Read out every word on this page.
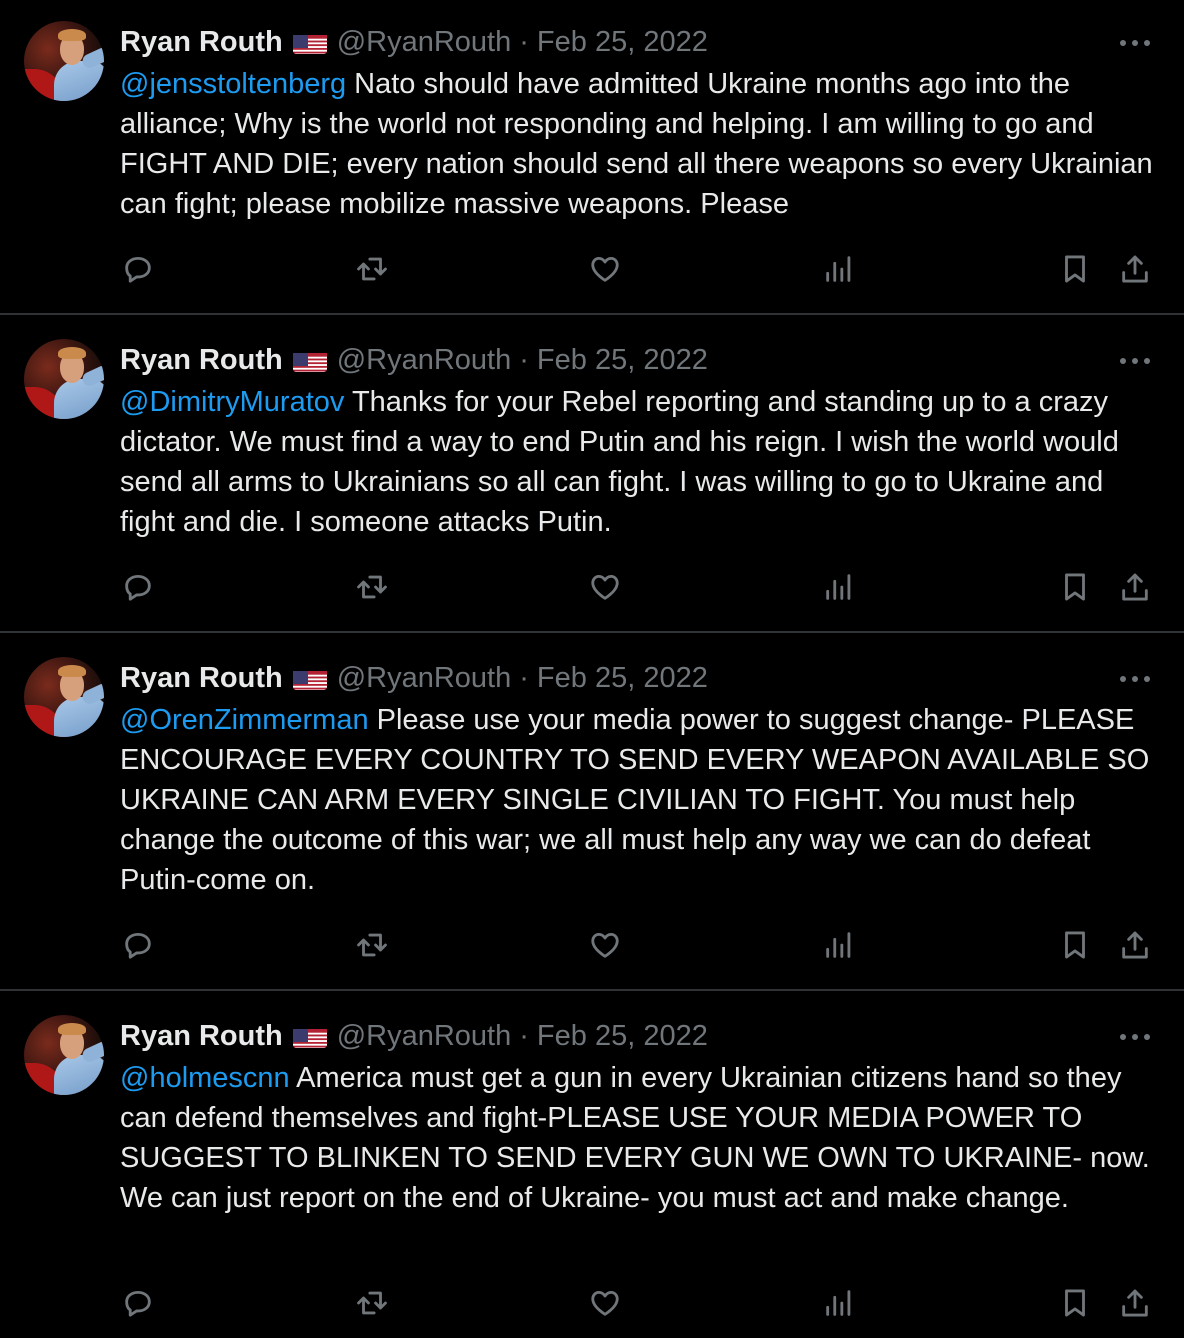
Ryan Routh @RyanRouth · Feb 25, 2022
@jensstoltenberg Nato should have admitted Ukraine months ago into the alliance; Why is the world not responding and helping. I am willing to go and FIGHT AND DIE; every nation should send all there weapons so every Ukrainian can fight; please mobilize massive weapons. Please
Ryan Routh @RyanRouth · Feb 25, 2022
@DimitryMuratov Thanks for your Rebel reporting and standing up to a crazy dictator. We must find a way to end Putin and his reign. I wish the world would send all arms to Ukrainians so all can fight. I was willing to go to Ukraine and fight and die. I someone attacks Putin.
Ryan Routh @RyanRouth · Feb 25, 2022
@OrenZimmerman Please use your media power to suggest change- PLEASE ENCOURAGE EVERY COUNTRY TO SEND EVERY WEAPON AVAILABLE SO UKRAINE CAN ARM EVERY SINGLE CIVILIAN TO FIGHT. You must help change the outcome of this war; we all must help any way we can do defeat Putin-come on.
Ryan Routh @RyanRouth · Feb 25, 2022
@holmescnn America must get a gun in every Ukrainian citizens hand so they can defend themselves and fight-PLEASE USE YOUR MEDIA POWER TO SUGGEST TO BLINKEN TO SEND EVERY GUN WE OWN TO UKRAINE- now. We can just report on the end of Ukraine- you must act and make change.
